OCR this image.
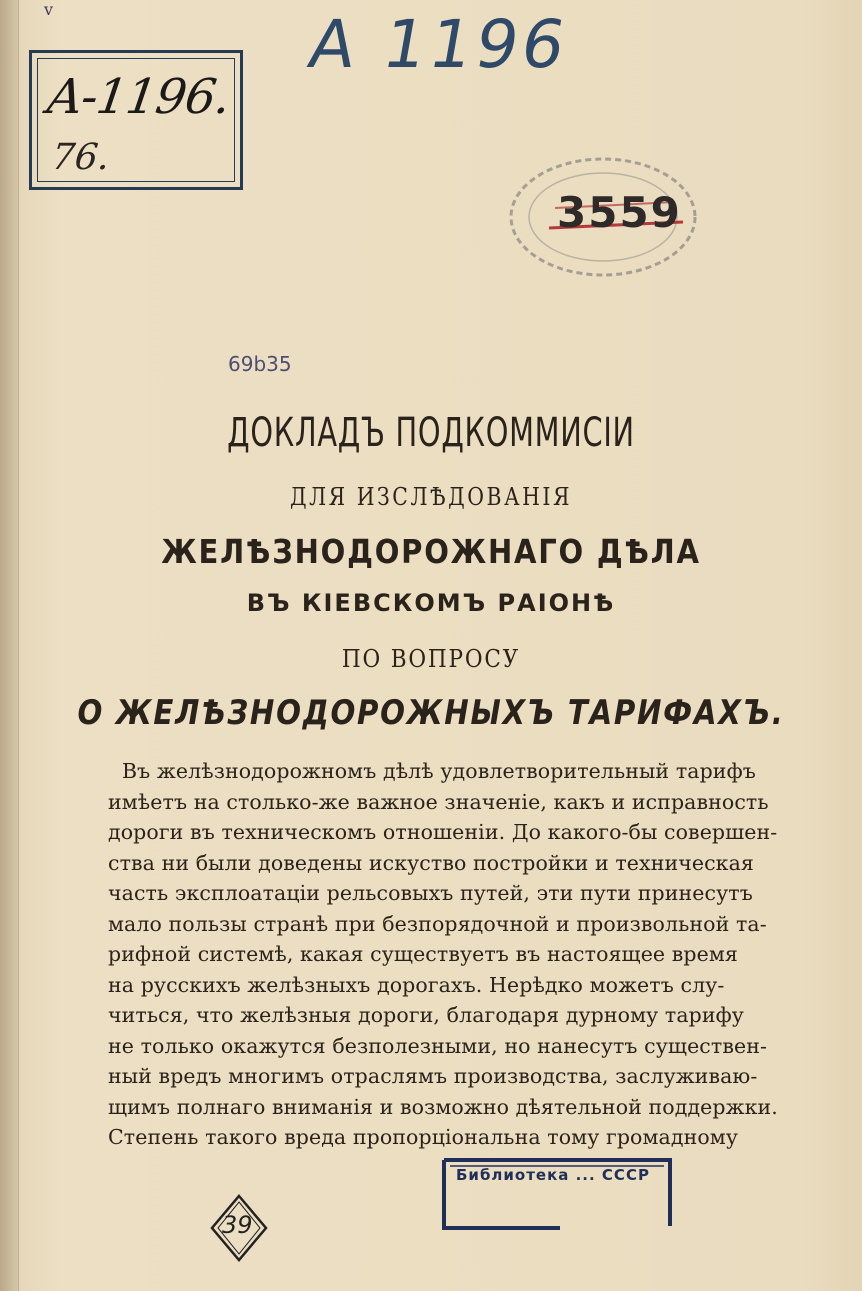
v
A-1196.
76.
A 1196
3559
69b35
ДОКЛАДЪ ПОДКОММИСІИ
ДЛЯ ИЗСЛѢДОВАНІЯ
ЖЕЛѢЗНОДОРОЖНАГО ДѢЛА
ВЪ КІЕВСКОМЪ РАІОНѢ
ПО ВОПРОСУ
О ЖЕЛѢЗНОДОРОЖНЫХЪ ТАРИФАХЪ.
Въ желѣзнодорожномъ дѣлѣ удовлетворительный тарифъ
имѣетъ на столько-же важное значеніе, какъ и исправность
дороги въ техническомъ отношеніи. До какого-бы совершен-
ства ни были доведены искуство постройки и техническая
часть эксплоатаціи рельсовыхъ путей, эти пути принесутъ
мало пользы странѣ при безпорядочной и произвольной та-
рифной системѣ, какая существуетъ въ настоящее время
на русскихъ желѣзныхъ дорогахъ. Нерѣдко можетъ слу-
читься, что желѣзныя дороги, благодаря дурному тарифу
не только окажутся безполезными, но нанесутъ существен-
ный вредъ многимъ отраслямъ производства, заслуживаю-
щимъ полнаго вниманія и возможно дѣятельной поддержки.
Степень такого вреда пропорціональна тому громадному
Библиотека ... СССР
39
